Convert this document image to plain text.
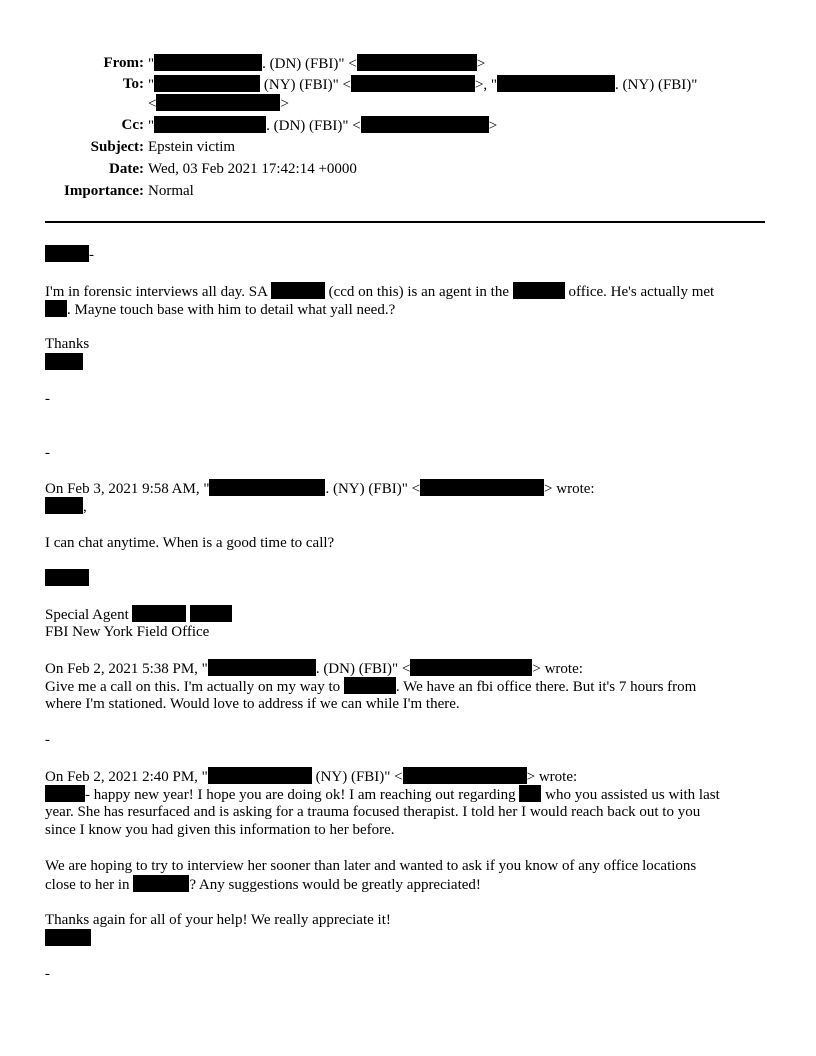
From: "	. (DN) (FBI)" <	>
To: "	(NY) (FBI)" <	>, "	. (NY) (FBI)"
<	>
Cc: "	. (DN) (FBI)" <	>
Subject: Epstein victim
Date: Wed, 03 Feb 2021 17:42:14 +0000
Importance: Normal
-
I'm in forensic interviews all day. SA	(ccd on this) is an agent in the	office. He's actually met
. Mayne touch base with him to detail what yall need.?
Thanks
-
-
On Feb 3, 2021 9:58 AM, "	. (NY) (FBI)" <	> wrote:
,
I can chat anytime. When is a good time to call?
Special Agent
FBI New York Field Office
On Feb 2, 2021 5:38 PM, "	. (DN) (FBI)" <	> wrote:
Give me a call on this. I'm actually on my way to	. We have an fbi office there. But it's 7 hours from
where I'm stationed. Would love to address if we can while I'm there.
-
On Feb 2, 2021 2:40 PM, "	(NY) (FBI)" <	> wrote:
- happy new year! I hope you are doing ok! I am reaching out regarding  who you assisted us with last
year. She has resurfaced and is asking for a trauma focused therapist. I told her I would reach back out to you
since I know you had given this information to her before.
We are hoping to try to interview her sooner than later and wanted to ask if you know of any office locations
close to her in	? Any suggestions would be greatly appreciated!
Thanks again for all of your help! We really appreciate it!
-
